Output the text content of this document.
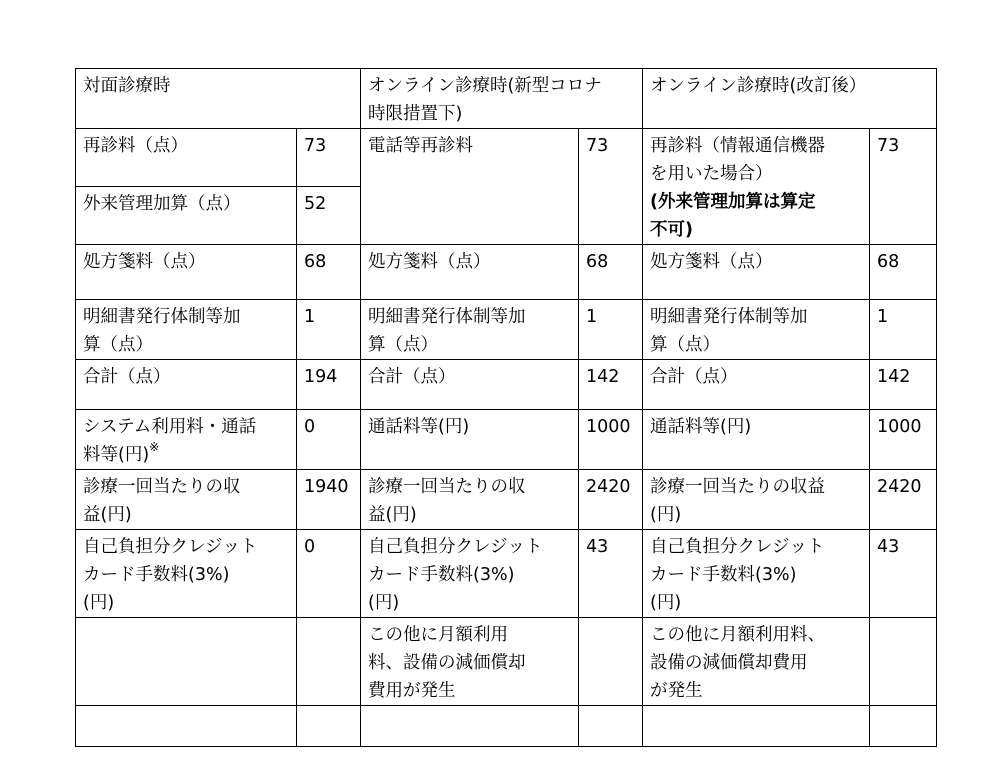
対面診療時		オンライン診療時(新型コロナ
時限措置下)		オンライン診療時(改訂後）	
再診料（点）	73	電話等再診料	73	再診料（情報通信機器
を用いた場合）
(外来管理加算は算定
不可)	73
外来管理加算（点）	52				
処方箋料（点）	68	処方箋料（点）	68	処方箋料（点）	68
明細書発行体制等加
算（点）	1	明細書発行体制等加
算（点）	1	明細書発行体制等加
算（点）	1
合計（点）	194	合計（点）	142	合計（点）	142
システム利用料・通話
料等(円)※	0	通話料等(円)	1000	通話料等(円)	1000
診療一回当たりの収
益(円)	1940	診療一回当たりの収
益(円)	2420	診療一回当たりの収益
(円)	2420
自己負担分クレジット
カード手数料(3%)
(円)	0	自己負担分クレジット
カード手数料(3%)
(円)	43	自己負担分クレジット
カード手数料(3%)
(円)	43
		この他に月額利用
料、設備の減価償却
費用が発生		この他に月額利用料、
設備の減価償却費用
が発生	
